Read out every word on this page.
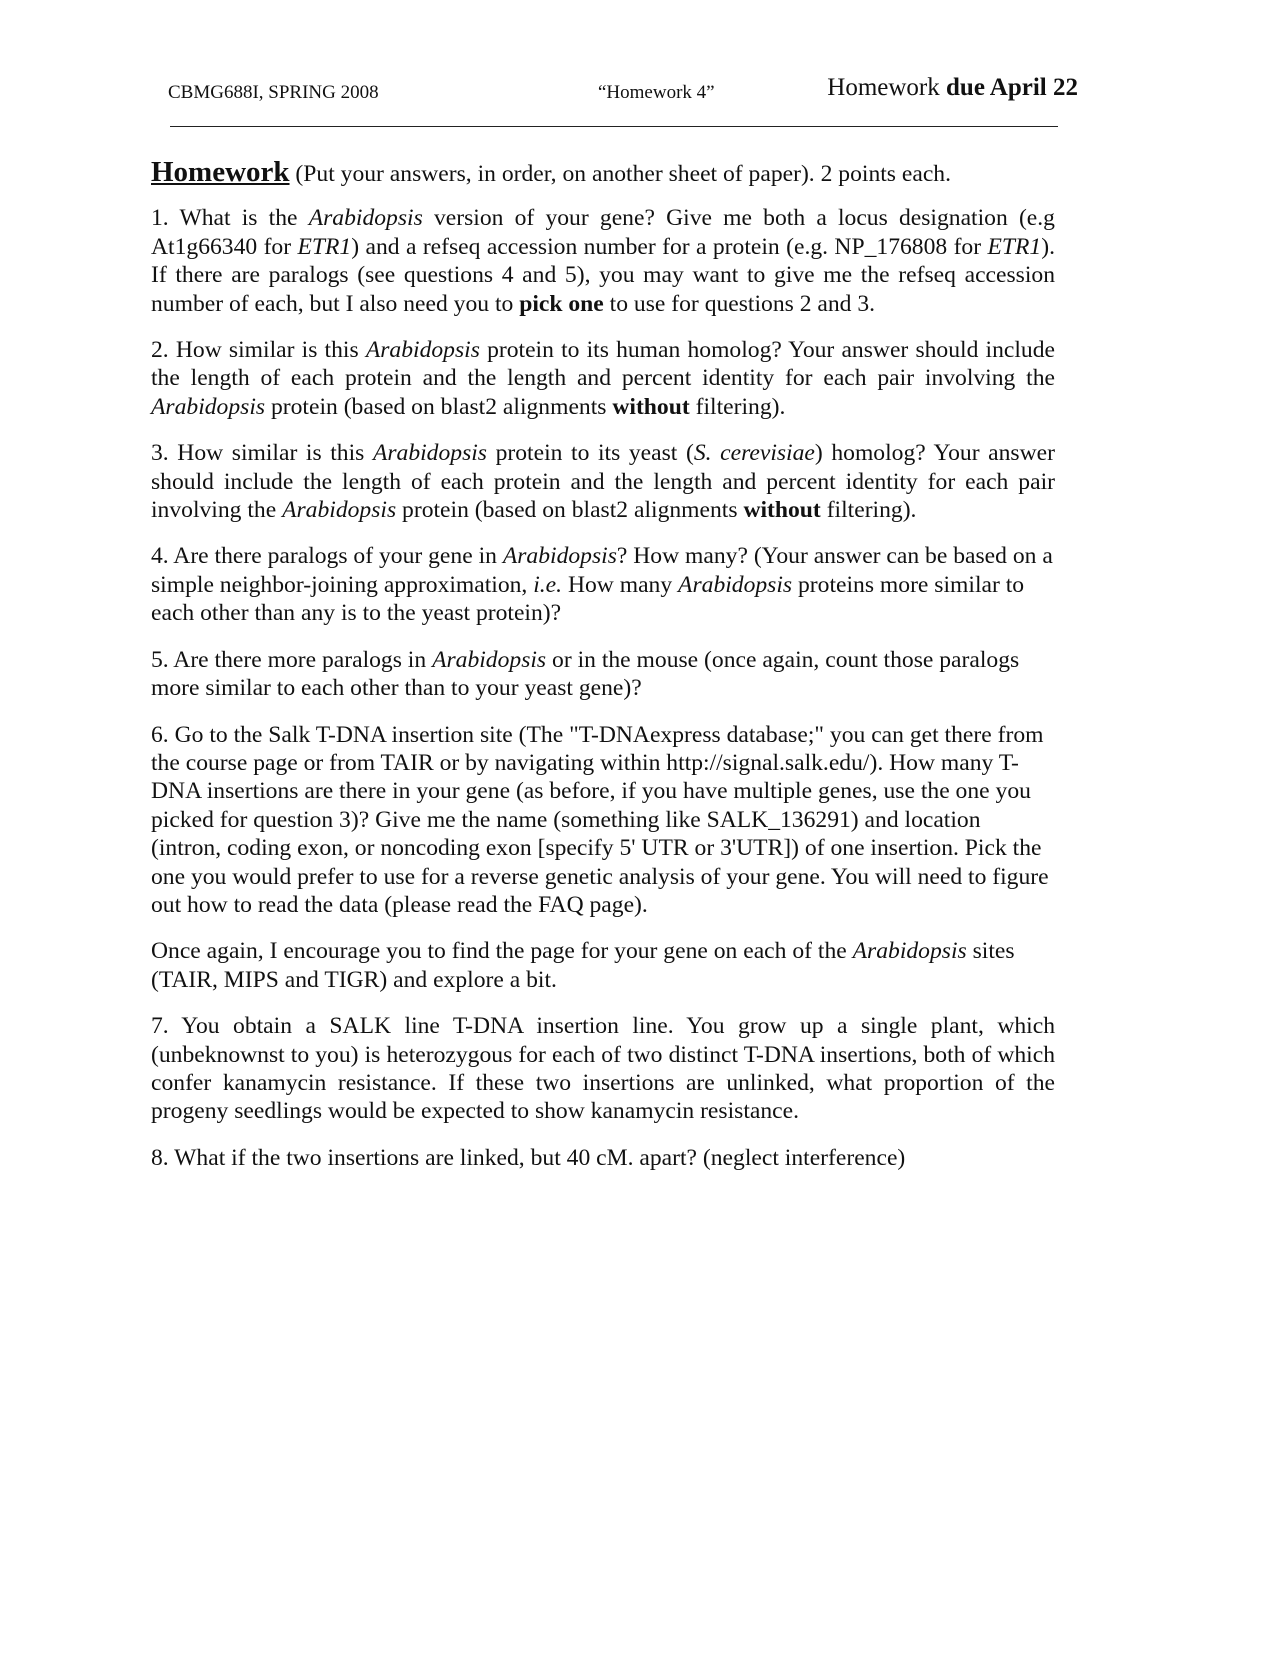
CBMG688I, SPRING 2008	“Homework 4”	Homework due April 22

Homework (Put your answers, in order, on another sheet of paper). 2 points each.

1. What is the Arabidopsis version of your gene? Give me both a locus designation (e.g At1g66340 for ETR1) and a refseq accession number for a protein (e.g. NP_176808 for ETR1). If there are paralogs (see questions 4 and 5), you may want to give me the refseq accession number of each, but I also need you to pick one to use for questions 2 and 3.

2. How similar is this Arabidopsis protein to its human homolog? Your answer should include the length of each protein and the length and percent identity for each pair involving the Arabidopsis protein (based on blast2 alignments without filtering).

3. How similar is this Arabidopsis protein to its yeast (S. cerevisiae) homolog? Your answer should include the length of each protein and the length and percent identity for each pair involving the Arabidopsis protein (based on blast2 alignments without filtering).

4. Are there paralogs of your gene in Arabidopsis? How many? (Your answer can be based on a simple neighbor-joining approximation, i.e. How many Arabidopsis proteins more similar to each other than any is to the yeast protein)?

5. Are there more paralogs in Arabidopsis or in the mouse (once again, count those paralogs more similar to each other than to your yeast gene)?

6. Go to the Salk T-DNA insertion site (The "T-DNAexpress database;" you can get there from the course page or from TAIR or by navigating within http://signal.salk.edu/). How many T-DNA insertions are there in your gene (as before, if you have multiple genes, use the one you picked for question 3)? Give me the name (something like SALK_136291) and location (intron, coding exon, or noncoding exon [specify 5' UTR or 3'UTR]) of one insertion. Pick the one you would prefer to use for a reverse genetic analysis of your gene. You will need to figure out how to read the data (please read the FAQ page).

Once again, I encourage you to find the page for your gene on each of the Arabidopsis sites (TAIR, MIPS and TIGR) and explore a bit.

7. You obtain a SALK line T-DNA insertion line. You grow up a single plant, which (unbeknownst to you) is heterozygous for each of two distinct T-DNA insertions, both of which confer kanamycin resistance. If these two insertions are unlinked, what proportion of the progeny seedlings would be expected to show kanamycin resistance.

8. What if the two insertions are linked, but 40 cM. apart? (neglect interference)
